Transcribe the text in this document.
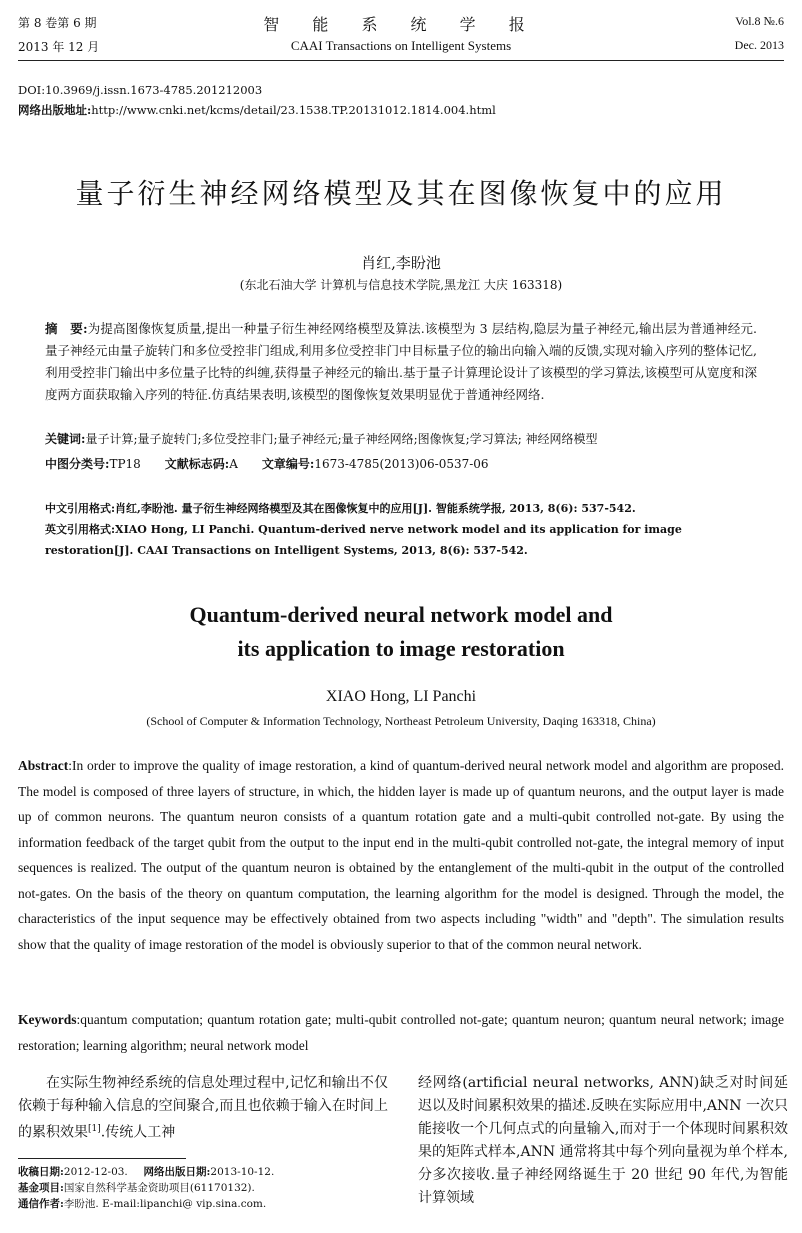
第 8 卷第 6 期
2013 年 12 月
智 能 系 统 学 报
CAAI Transactions on Intelligent Systems
Vol.8 №.6
Dec. 2013
DOI:10.3969/j.issn.1673-4785.201212003
网络出版地址:http://www.cnki.net/kcms/detail/23.1538.TP.20131012.1814.004.html
量子衍生神经网络模型及其在图像恢复中的应用
肖红,李盼池
(东北石油大学 计算机与信息技术学院,黑龙江 大庆 163318)
摘　要:为提高图像恢复质量,提出一种量子衍生神经网络模型及算法.该模型为 3 层结构,隐层为量子神经元,输出层为普通神经元.量子神经元由量子旋转门和多位受控非门组成,利用多位受控非门中目标量子位的输出向输入端的反馈,实现对输入序列的整体记忆,利用受控非门输出中多位量子比特的纠缠,获得量子神经元的输出.基于量子计算理论设计了该模型的学习算法,该模型可从宽度和深度两方面获取输入序列的特征.仿真结果表明,该模型的图像恢复效果明显优于普通神经网络.
关键词:量子计算;量子旋转门;多位受控非门;量子神经元;量子神经网络;图像恢复;学习算法; 神经网络模型
中图分类号:TP18   文献标志码:A   文章编号:1673-4785(2013)06-0537-06
中文引用格式:肖红,李盼池. 量子衍生神经网络模型及其在图像恢复中的应用[J]. 智能系统学报, 2013, 8(6): 537-542.
英文引用格式:XIAO Hong, LI Panchi. Quantum-derived nerve network model and its application for image restoration[J]. CAAI Transactions on Intelligent Systems, 2013, 8(6): 537-542.
Quantum-derived neural network model and
its application to image restoration
XIAO Hong, LI Panchi
(School of Computer & Information Technology, Northeast Petroleum University, Daqing 163318, China)
Abstract:In order to improve the quality of image restoration, a kind of quantum-derived neural network model and algorithm are proposed. The model is composed of three layers of structure, in which, the hidden layer is made up of quantum neurons, and the output layer is made up of common neurons. The quantum neuron consists of a quantum rotation gate and a multi-qubit controlled not-gate. By using the information feedback of the target qubit from the output to the input end in the multi-qubit controlled not-gate, the integral memory of input sequences is realized. The output of the quantum neuron is obtained by the entanglement of the multi-qubit in the output of the controlled not-gates. On the basis of the theory on quantum computation, the learning algorithm for the model is designed. Through the model, the characteristics of the input sequence may be effectively obtained from two aspects including "width" and "depth". The simulation results show that the quality of image restoration of the model is obviously superior to that of the common neural network.
Keywords:quantum computation; quantum rotation gate; multi-qubit controlled not-gate; quantum neuron; quantum neural network; image restoration; learning algorithm; neural network model
在实际生物神经系统的信息处理过程中,记忆和输出不仅依赖于每种输入信息的空间聚合,而且也依赖于输入在时间上的累积效果[1].传统人工神
经网络(artificial neural networks, ANN)缺乏对时间延迟以及时间累积效果的描述.反映在实际应用中,ANN 一次只能接收一个几何点式的向量输入,而对于一个体现时间累积效果的矩阵式样本,ANN 通常将其中每个列向量视为单个样本,分多次接收.量子神经网络诞生于 20 世纪 90 年代,为智能计算领域
收稿日期:2012-12-03.   网络出版日期:2013-10-12.
基金项目:国家自然科学基金资助项目(61170132).
通信作者:李盼池. E-mail:lipanchi@ vip.sina.com.
